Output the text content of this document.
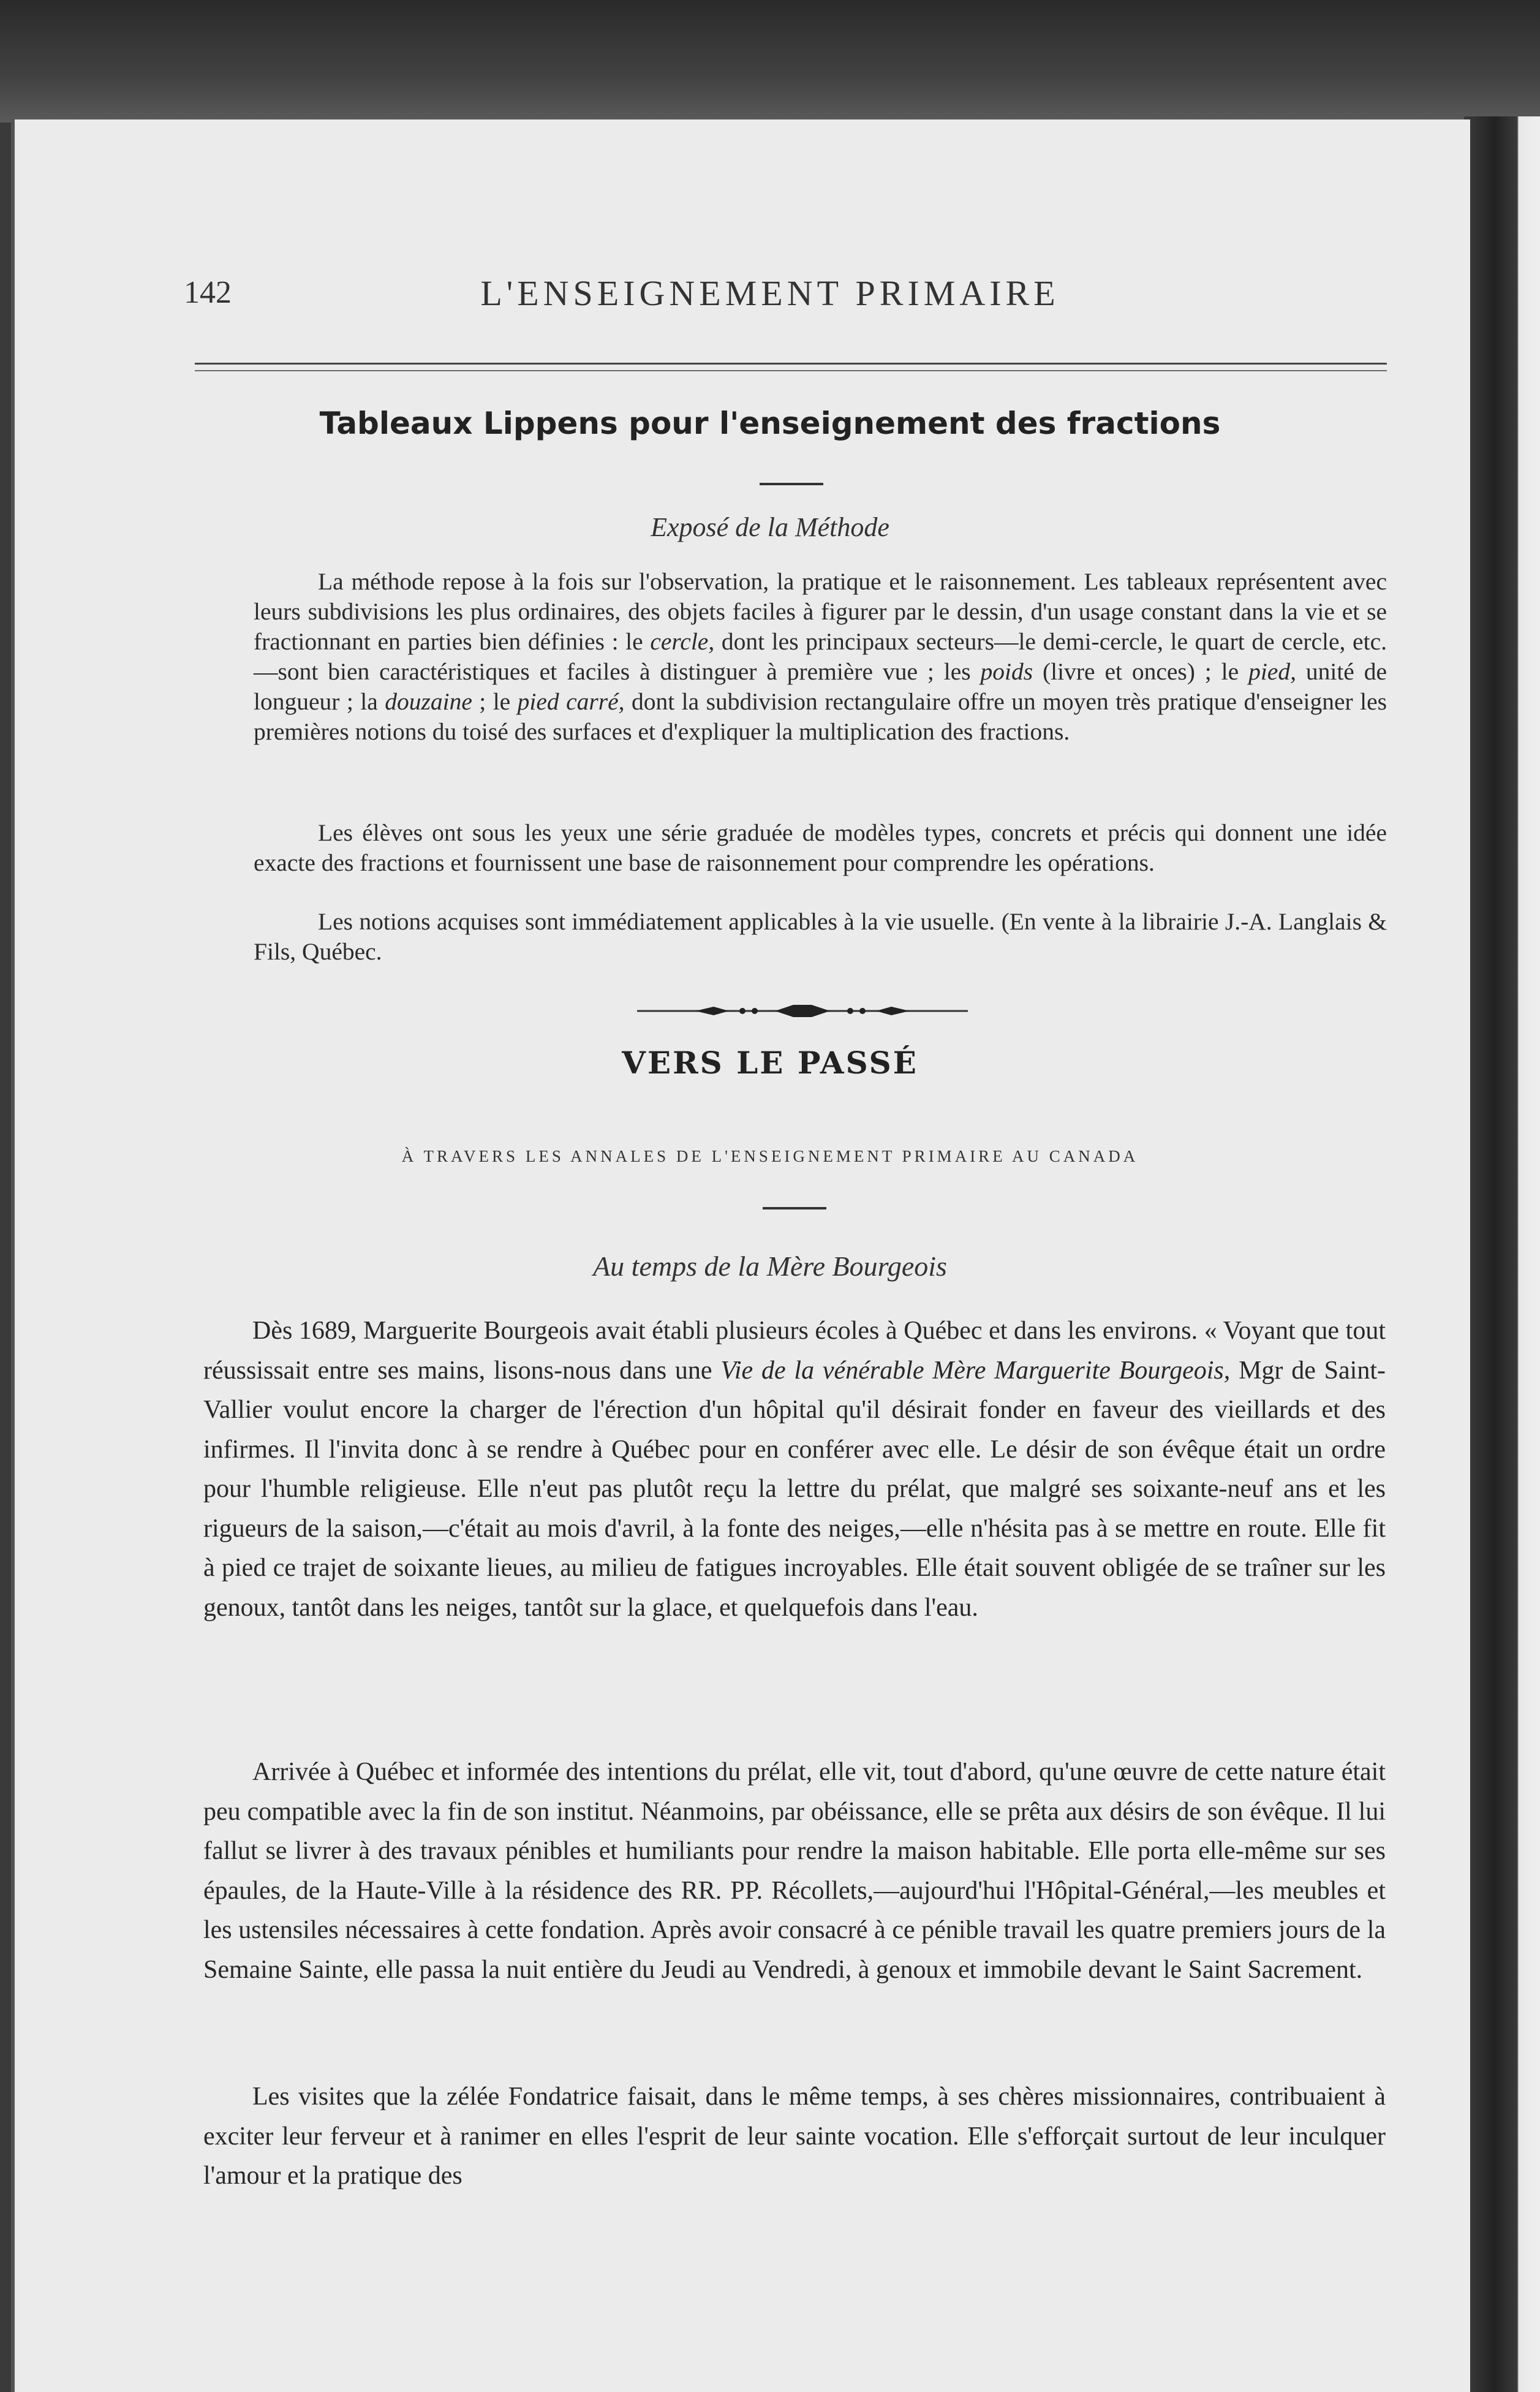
142	L'ENSEIGNEMENT PRIMAIRE
Tableaux Lippens pour l'enseignement des fractions
Exposé de la Méthode
La méthode repose à la fois sur l'observation, la pratique et le raisonnement. Les tableaux représentent avec leurs subdivisions les plus ordinaires, des objets faciles à figurer par le dessin, d'un usage constant dans la vie et se fractionnant en parties bien définies : le cercle, dont les principaux secteurs—le demi-cercle, le quart de cercle, etc.—sont bien caractéristiques et faciles à distinguer à première vue ; les poids (livre et onces) ; le pied, unité de longueur ; la douzaine ; le pied carré, dont la subdivision rectangulaire offre un moyen très pratique d'enseigner les premières notions du toisé des surfaces et d'expliquer la multiplication des fractions.
Les élèves ont sous les yeux une série graduée de modèles types, concrets et précis qui donnent une idée exacte des fractions et fournissent une base de raisonnement pour comprendre les opérations.
Les notions acquises sont immédiatement applicables à la vie usuelle. (En vente à la librairie J.-A. Langlais & Fils, Québec.
VERS LE PASSÉ
À TRAVERS LES ANNALES DE L'ENSEIGNEMENT PRIMAIRE AU CANADA
Au temps de la Mère Bourgeois
Dès 1689, Marguerite Bourgeois avait établi plusieurs écoles à Québec et dans les environs. « Voyant que tout réussissait entre ses mains, lisons-nous dans une Vie de la vénérable Mère Marguerite Bourgeois, Mgr de Saint-Vallier voulut encore la charger de l'érection d'un hôpital qu'il désirait fonder en faveur des vieillards et des infirmes. Il l'invita donc à se rendre à Québec pour en conférer avec elle. Le désir de son évêque était un ordre pour l'humble religieuse. Elle n'eut pas plutôt reçu la lettre du prélat, que malgré ses soixante-neuf ans et les rigueurs de la saison,—c'était au mois d'avril, à la fonte des neiges,—elle n'hésita pas à se mettre en route. Elle fit à pied ce trajet de soixante lieues, au milieu de fatigues incroyables. Elle était souvent obligée de se traîner sur les genoux, tantôt dans les neiges, tantôt sur la glace, et quelquefois dans l'eau.
Arrivée à Québec et informée des intentions du prélat, elle vit, tout d'abord, qu'une œuvre de cette nature était peu compatible avec la fin de son institut. Néanmoins, par obéissance, elle se prêta aux désirs de son évêque. Il lui fallut se livrer à des travaux pénibles et humiliants pour rendre la maison habitable. Elle porta elle-même sur ses épaules, de la Haute-Ville à la résidence des RR. PP. Récollets,—aujourd'hui l'Hôpital-Général,—les meubles et les ustensiles nécessaires à cette fondation. Après avoir consacré à ce pénible travail les quatre premiers jours de la Semaine Sainte, elle passa la nuit entière du Jeudi au Vendredi, à genoux et immobile devant le Saint Sacrement.
Les visites que la zélée Fondatrice faisait, dans le même temps, à ses chères missionnaires, contribuaient à exciter leur ferveur et à ranimer en elles l'esprit de leur sainte vocation. Elle s'efforçait surtout de leur inculquer l'amour et la pratique des
